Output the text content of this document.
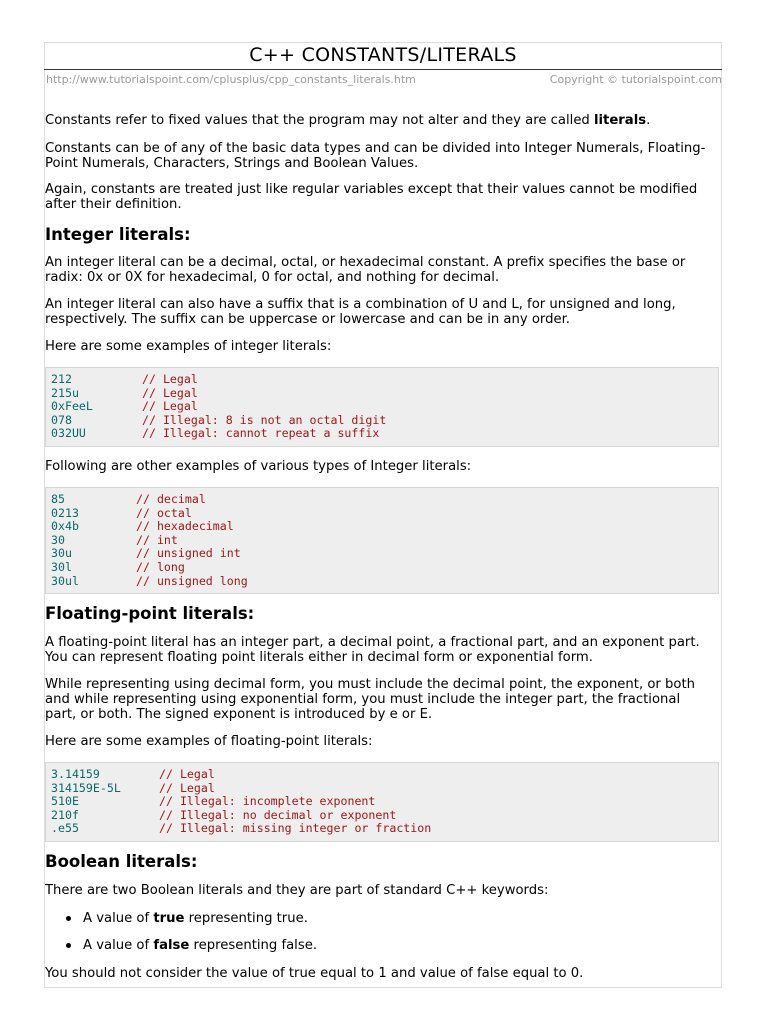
C++ CONSTANTS/LITERALS
http://www.tutorialspoint.com/cplusplus/cpp_constants_literals.htm	Copyright © tutorialspoint.com

Constants refer to fixed values that the program may not alter and they are called literals.

Constants can be of any of the basic data types and can be divided into Integer Numerals, Floating-
Point Numerals, Characters, Strings and Boolean Values.

Again, constants are treated just like regular variables except that their values cannot be modified
after their definition.

Integer literals:

An integer literal can be a decimal, octal, or hexadecimal constant. A prefix specifies the base or
radix: 0x or 0X for hexadecimal, 0 for octal, and nothing for decimal.

An integer literal can also have a suffix that is a combination of U and L, for unsigned and long,
respectively. The suffix can be uppercase or lowercase and can be in any order.

Here are some examples of integer literals:

212	// Legal
215u	// Legal
0xFeeL	// Legal
078	// Illegal: 8 is not an octal digit
032UU	// Illegal: cannot repeat a suffix

Following are other examples of various types of Integer literals:

85	// decimal
0213	// octal
0x4b	// hexadecimal
30	// int
30u	// unsigned int
30l	// long
30ul	// unsigned long
Floating-point literals:

A floating-point literal has an integer part, a decimal point, a fractional part, and an exponent part.
You can represent floating point literals either in decimal form or exponential form.

While representing using decimal form, you must include the decimal point, the exponent, or both
and while representing using exponential form, you must include the integer part, the fractional
part, or both. The signed exponent is introduced by e or E.

Here are some examples of floating-point literals:

3.14159	// Legal
314159E-5L	// Legal
510E	// Illegal: incomplete exponent
210f	// Illegal: no decimal or exponent
.e55	// Illegal: missing integer or fraction
Boolean literals:

There are two Boolean literals and they are part of standard C++ keywords:

A value of true representing true.
A value of false representing false.

You should not consider the value of true equal to 1 and value of false equal to 0.
